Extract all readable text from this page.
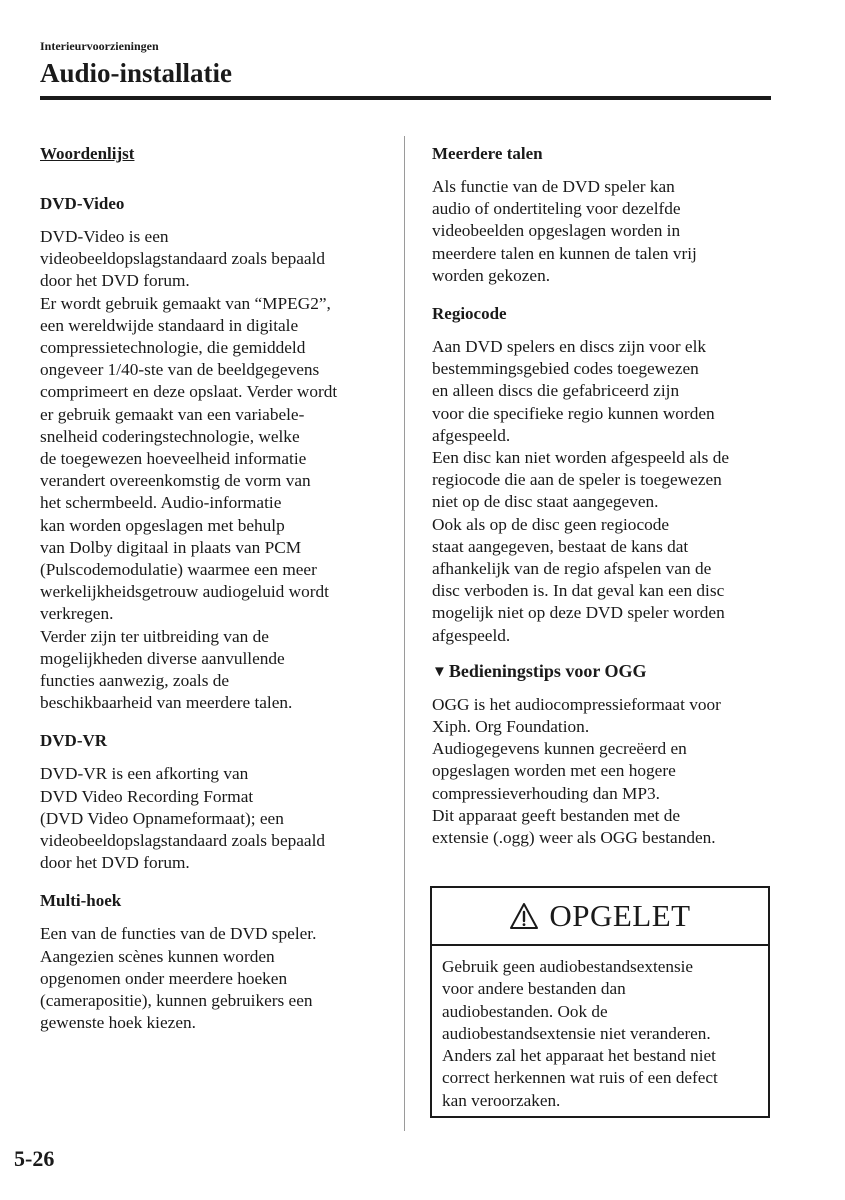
Interieurvoorzieningen
Audio-installatie
Woordenlijst
DVD-Video
DVD-Video is een
videobeeldopslagstandaard zoals bepaald
door het DVD forum.
Er wordt gebruik gemaakt van “MPEG2”,
een wereldwijde standaard in digitale
compressietechnologie, die gemiddeld
ongeveer 1/40-ste van de beeldgegevens
comprimeert en deze opslaat. Verder wordt
er gebruik gemaakt van een variabele-
snelheid coderingstechnologie, welke
de toegewezen hoeveelheid informatie
verandert overeenkomstig de vorm van
het schermbeeld. Audio-informatie
kan worden opgeslagen met behulp
van Dolby digitaal in plaats van PCM
(Pulscodemodulatie) waarmee een meer
werkelijkheidsgetrouw audiogeluid wordt
verkregen.
Verder zijn ter uitbreiding van de
mogelijkheden diverse aanvullende
functies aanwezig, zoals de
beschikbaarheid van meerdere talen.
DVD-VR
DVD-VR is een afkorting van
DVD Video Recording Format
(DVD Video Opnameformaat); een
videobeeldopslagstandaard zoals bepaald
door het DVD forum.
Multi-hoek
Een van de functies van de DVD speler.
Aangezien scènes kunnen worden
opgenomen onder meerdere hoeken
(camerapositie), kunnen gebruikers een
gewenste hoek kiezen.
Meerdere talen
Als functie van de DVD speler kan
audio of ondertiteling voor dezelfde
videobeelden opgeslagen worden in
meerdere talen en kunnen de talen vrij
worden gekozen.
Regiocode
Aan DVD spelers en discs zijn voor elk
bestemmingsgebied codes toegewezen
en alleen discs die gefabriceerd zijn
voor die specifieke regio kunnen worden
afgespeeld.
Een disc kan niet worden afgespeeld als de
regiocode die aan de speler is toegewezen
niet op de disc staat aangegeven.
Ook als op de disc geen regiocode
staat aangegeven, bestaat de kans dat
afhankelijk van de regio afspelen van de
disc verboden is. In dat geval kan een disc
mogelijk niet op deze DVD speler worden
afgespeeld.
▼ Bedieningstips voor OGG
OGG is het audiocompressieformaat voor
Xiph. Org Foundation.
Audiogegevens kunnen gecreëerd en
opgeslagen worden met een hogere
compressieverhouding dan MP3.
Dit apparaat geeft bestanden met de
extensie (.ogg) weer als OGG bestanden.
OPGELET
Gebruik geen audiobestandsextensie
voor andere bestanden dan
audiobestanden. Ook de
audiobestandsextensie niet veranderen.
Anders zal het apparaat het bestand niet
correct herkennen wat ruis of een defect
kan veroorzaken.
5-26
